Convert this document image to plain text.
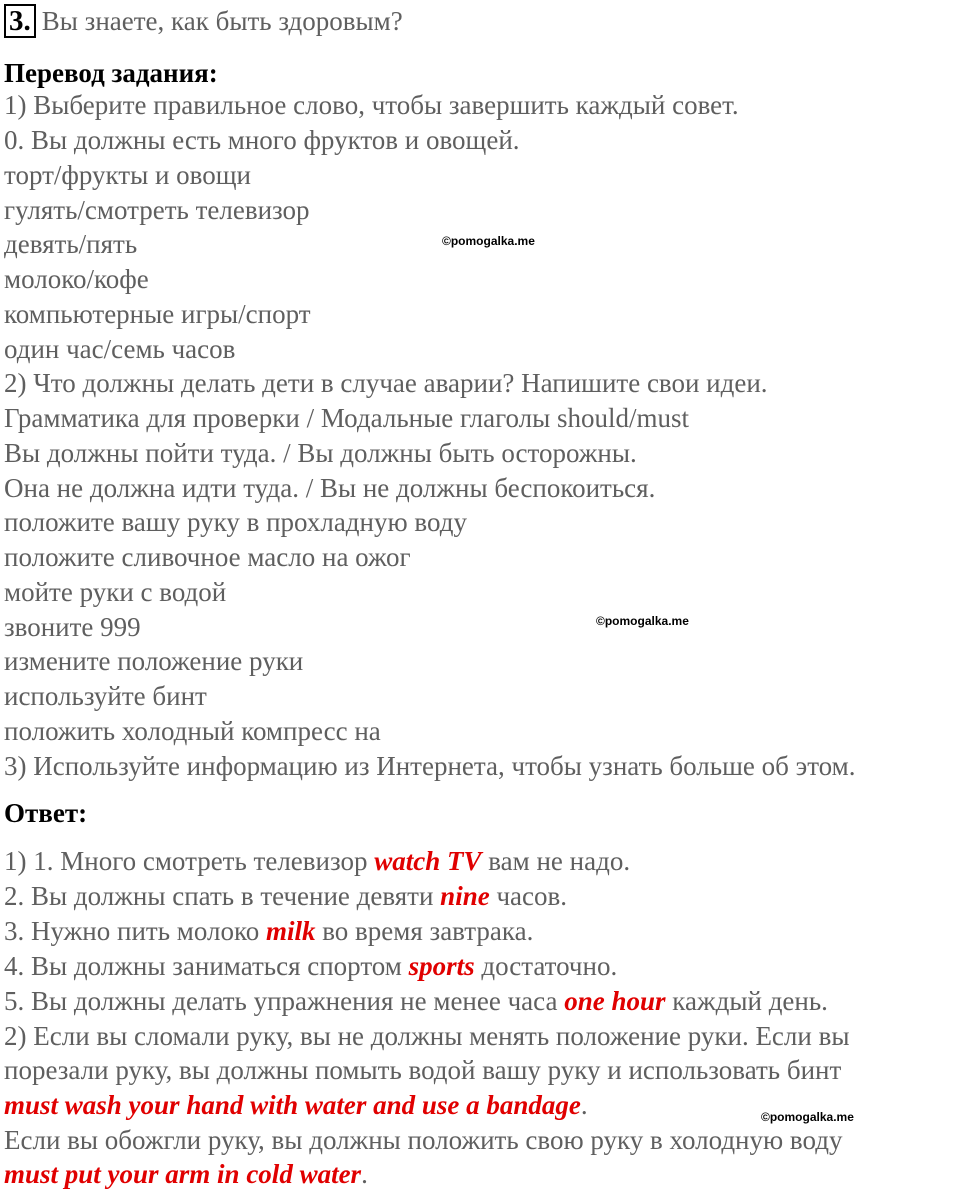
3. Вы знаете, как быть здоровым?
Перевод задания:
1) Выберите правильное слово, чтобы завершить каждый совет.
0. Вы должны есть много фруктов и овощей.
торт/фрукты и овощи
гулять/смотреть телевизор
девять/пять
молоко/кофе
компьютерные игры/спорт
один час/семь часов
2) Что должны делать дети в случае аварии? Напишите свои идеи.
Грамматика для проверки / Модальные глаголы should/must
Вы должны пойти туда. / Вы должны быть осторожны.
Она не должна идти туда. / Вы не должны беспокоиться.
положите вашу руку в прохладную воду
положите сливочное масло на ожог
мойте руки с водой
звоните 999
измените положение руки
используйте бинт
положить холодный компресс на
3) Используйте информацию из Интернета, чтобы узнать больше об этом.
Ответ:
1) 1. Много смотреть телевизор watch TV вам не надо.
2. Вы должны спать в течение девяти nine часов.
3. Нужно пить молоко milk во время завтрака.
4. Вы должны заниматься спортом sports достаточно.
5. Вы должны делать упражнения не менее часа one hour каждый день.
2) Если вы сломали руку, вы не должны менять положение руки. Если вы
порезали руку, вы должны помыть водой вашу руку и использовать бинт
must wash your hand with water and use a bandage.
Если вы обожгли руку, вы должны положить свою руку в холодную воду
must put your arm in cold water.
©pomogalka.me
©pomogalka.me
©pomogalka.me
